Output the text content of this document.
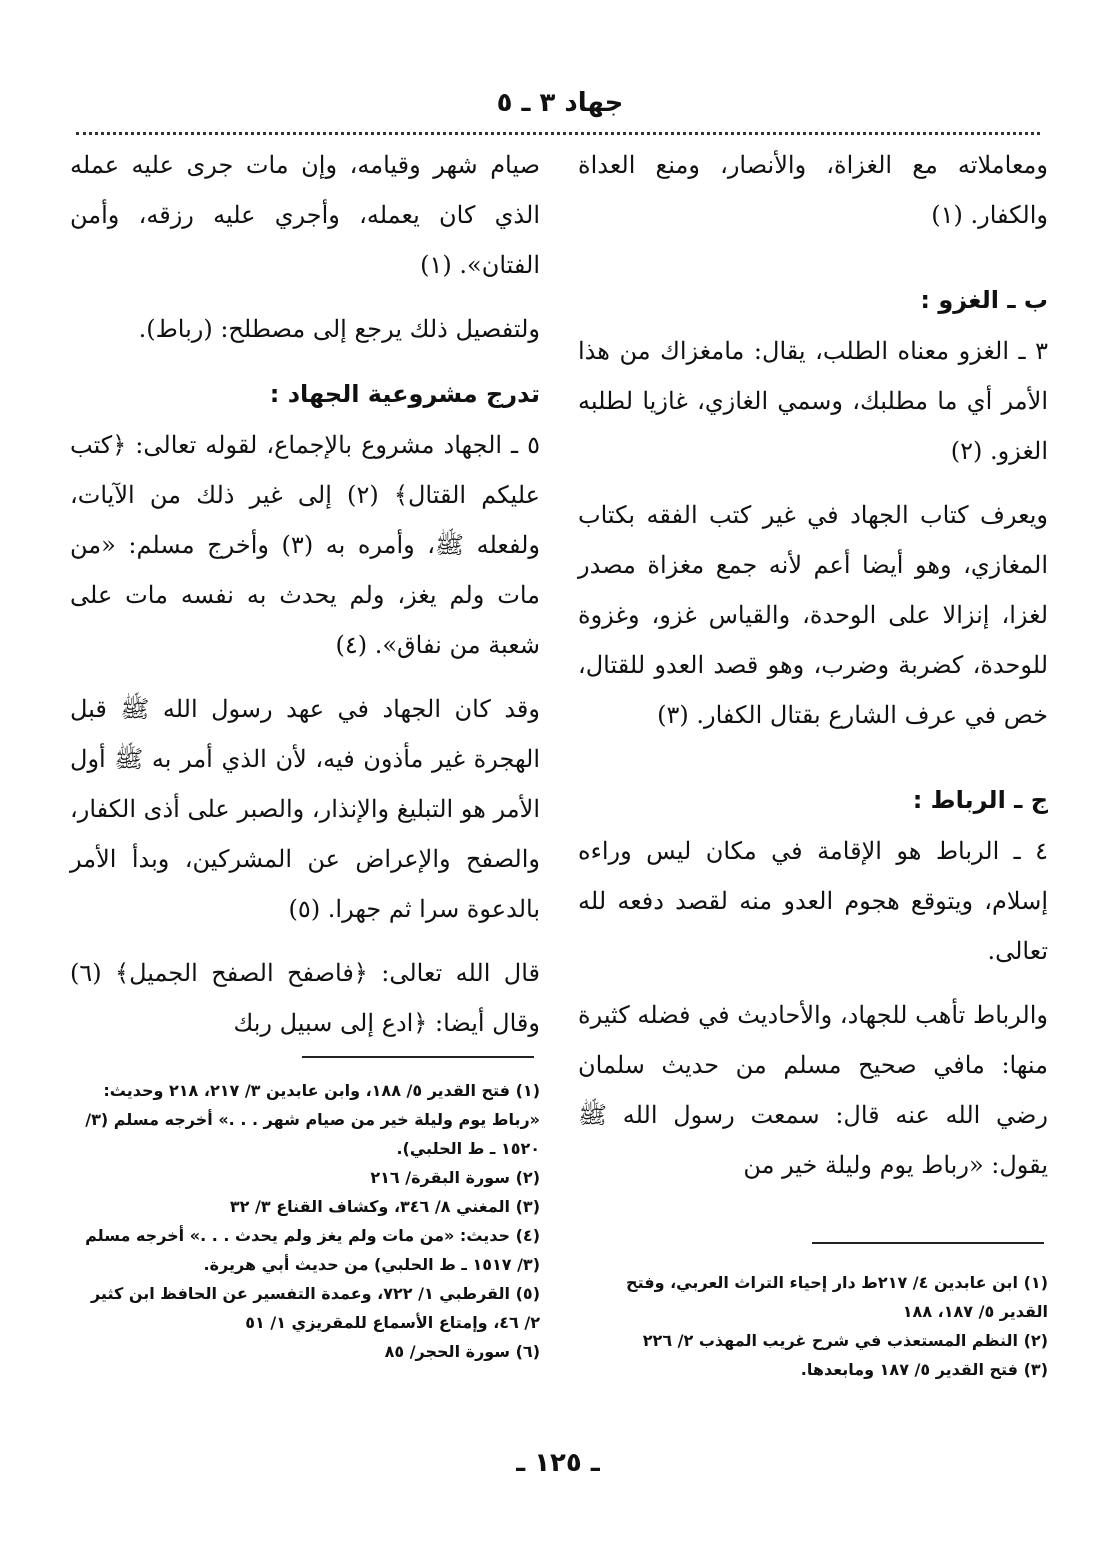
جهاد ٣ ـ ٥

ومعاملاته مع الغزاة، والأنصار، ومنع العداة والكفار. (١)

ب ـ الغزو :

٣ ـ الغزو معناه الطلب، يقال: مامغزاك من هذا الأمر أي ما مطلبك، وسمي الغازي، غازيا لطلبه الغزو. (٢)

ويعرف كتاب الجهاد في غير كتب الفقه بكتاب المغازي، وهو أيضا أعم لأنه جمع مغزاة مصدر لغزا، إنزالا على الوحدة، والقياس غزو، وغزوة للوحدة، كضربة وضرب، وهو قصد العدو للقتال، خص في عرف الشارع بقتال الكفار. (٣)

ج ـ الرباط :

٤ ـ الرباط هو الإقامة في مكان ليس وراءه إسلام، ويتوقع هجوم العدو منه لقصد دفعه لله تعالى.

والرباط تأهب للجهاد، والأحاديث في فضله كثيرة منها: مافي صحيح مسلم من حديث سلمان رضي الله عنه قال: سمعت رسول الله ﷺ يقول: «رباط يوم وليلة خير من

صيام شهر وقيامه، وإن مات جرى عليه عمله الذي كان يعمله، وأجري عليه رزقه، وأمن الفتان». (١)

ولتفصيل ذلك يرجع إلى مصطلح: (رباط).

تدرج مشروعية الجهاد :

٥ ـ الجهاد مشروع بالإجماع، لقوله تعالى: ﴿كتب عليكم القتال﴾ (٢) إلى غير ذلك من الآيات، ولفعله ﷺ، وأمره به (٣) وأخرج مسلم: «من مات ولم يغز، ولم يحدث به نفسه مات على شعبة من نفاق». (٤)

وقد كان الجهاد في عهد رسول الله ﷺ قبل الهجرة غير مأذون فيه، لأن الذي أمر به ﷺ أول الأمر هو التبليغ والإنذار، والصبر على أذى الكفار، والصفح والإعراض عن المشركين، وبدأ الأمر بالدعوة سرا ثم جهرا. (٥)

قال الله تعالى: ﴿فاصفح الصفح الجميل﴾ (٦) وقال أيضا: ﴿ادع إلى سبيل ربك

(١) ابن عابدين ٤/ ٢١٧ط دار إحياء التراث العربي، وفتح القدير ٥/ ١٨٧، ١٨٨

(٢) النظم المستعذب في شرح غريب المهذب ٢/ ٢٢٦

(٣) فتح القدير ٥/ ١٨٧ ومابعدها.

(١) فتح القدير ٥/ ١٨٨، وابن عابدين ٣/ ٢١٧، ٢١٨ وحديث: «رباط يوم وليلة خير من صيام شهر . . .» أخرجه مسلم (٣/ ١٥٢٠ ـ ط الحلبي).

(٢) سورة البقرة/ ٢١٦

(٣) المغني ٨/ ٣٤٦، وكشاف القناع ٣/ ٣٢

(٤) حديث: «من مات ولم يغز ولم يحدث . . .» أخرجه مسلم (٣/ ١٥١٧ ـ ط الحلبي) من حديث أبي هريرة.

(٥) القرطبي ١/ ٧٢٢، وعمدة التفسير عن الحافظ ابن كثير ٢/ ٤٦، وإمتاع الأسماع للمقريزي ١/ ٥١

(٦) سورة الحجر/ ٨٥

ـ ١٢٥ ـ
